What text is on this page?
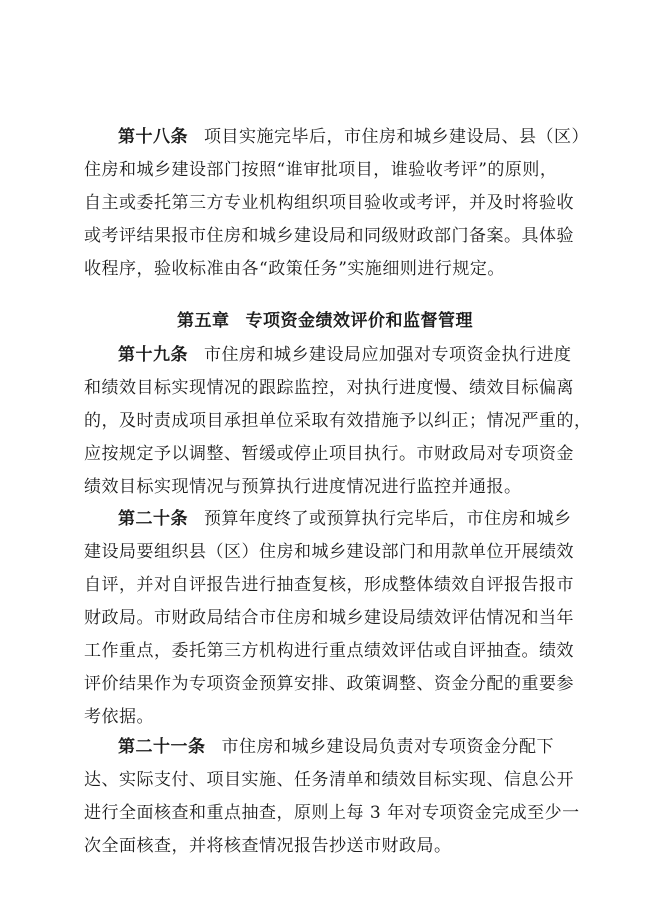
第十八条 项目实施完毕后，市住房和城乡建设局、县（区）
住房和城乡建设部门按照“谁审批项目，谁验收考评”的原则，
自主或委托第三方专业机构组织项目验收或考评，并及时将验收
或考评结果报市住房和城乡建设局和同级财政部门备案。具体验
收程序，验收标准由各“政策任务”实施细则进行规定。
第五章 专项资金绩效评价和监督管理
第十九条 市住房和城乡建设局应加强对专项资金执行进度
和绩效目标实现情况的跟踪监控，对执行进度慢、绩效目标偏离
的，及时责成项目承担单位采取有效措施予以纠正；情况严重的，
应按规定予以调整、暂缓或停止项目执行。市财政局对专项资金
绩效目标实现情况与预算执行进度情况进行监控并通报。
第二十条 预算年度终了或预算执行完毕后，市住房和城乡
建设局要组织县（区）住房和城乡建设部门和用款单位开展绩效
自评，并对自评报告进行抽查复核，形成整体绩效自评报告报市
财政局。市财政局结合市住房和城乡建设局绩效评估情况和当年
工作重点，委托第三方机构进行重点绩效评估或自评抽查。绩效
评价结果作为专项资金预算安排、政策调整、资金分配的重要参
考依据。
第二十一条 市住房和城乡建设局负责对专项资金分配下
达、实际支付、项目实施、任务清单和绩效目标实现、信息公开
进行全面核查和重点抽查，原则上每 3 年对专项资金完成至少一
次全面核查，并将核查情况报告抄送市财政局。
